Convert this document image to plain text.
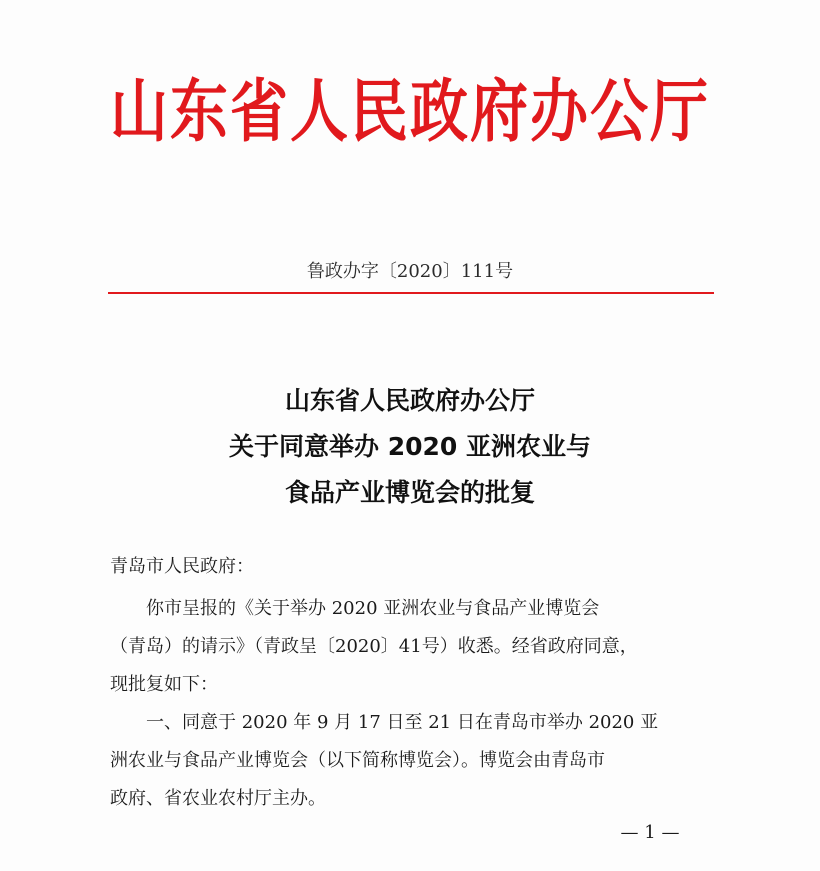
山东省人民政府办公厅
鲁政办字〔2020〕111号
山东省人民政府办公厅
关于同意举办 2020 亚洲农业与
食品产业博览会的批复
青岛市人民政府：
你市呈报的《关于举办 2020 亚洲农业与食品产业博览会
（青岛）的请示》（青政呈〔2020〕41号）收悉。经省政府同意，
现批复如下：
一、同意于 2020 年 9 月 17 日至 21 日在青岛市举办 2020 亚
洲农业与食品产业博览会（以下简称博览会）。博览会由青岛市
政府、省农业农村厅主办。
— 1 —
